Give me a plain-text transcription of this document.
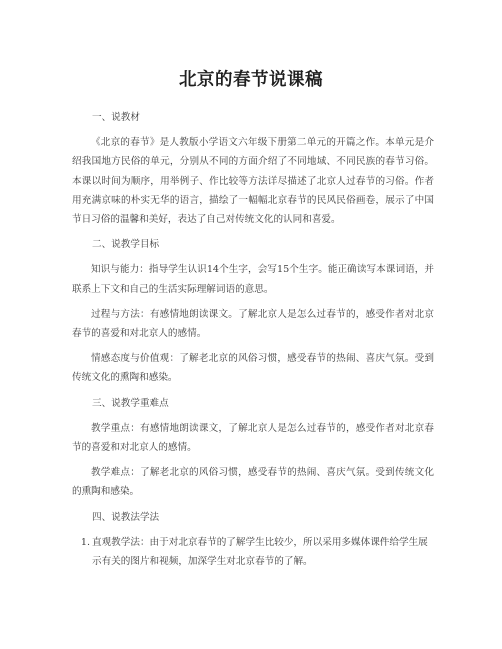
北京的春节说课稿
一、说教材
《北京的春节》是人教版小学语文六年级下册第二单元的开篇之作。本单元是介绍我国地方民俗的单元，分别从不同的方面介绍了不同地域、不同民族的春节习俗。本课以时间为顺序，用举例子、作比较等方法详尽描述了北京人过春节的习俗。作者用充满京味的朴实无华的语言，描绘了一幅幅北京春节的民风民俗画卷，展示了中国节日习俗的温馨和美好，表达了自己对传统文化的认同和喜爱。
二、说教学目标
知识与能力：指导学生认识14个生字，会写15个生字。能正确读写本课词语，并联系上下文和自己的生活实际理解词语的意思。
过程与方法：有感情地朗读课文。了解北京人是怎么过春节的，感受作者对北京春节的喜爱和对北京人的感情。
情感态度与价值观：了解老北京的风俗习惯，感受春节的热闹、喜庆气氛。受到传统文化的熏陶和感染。
三、说教学重难点
教学重点：有感情地朗读课文，了解北京人是怎么过春节的，感受作者对北京春节的喜爱和对北京人的感情。
教学难点：了解老北京的风俗习惯，感受春节的热闹、喜庆气氛。受到传统文化的熏陶和感染。
四、说教法学法
1. 直观教学法：由于对北京春节的了解学生比较少，所以采用多媒体课件给学生展示有关的图片和视频，加深学生对北京春节的了解。
